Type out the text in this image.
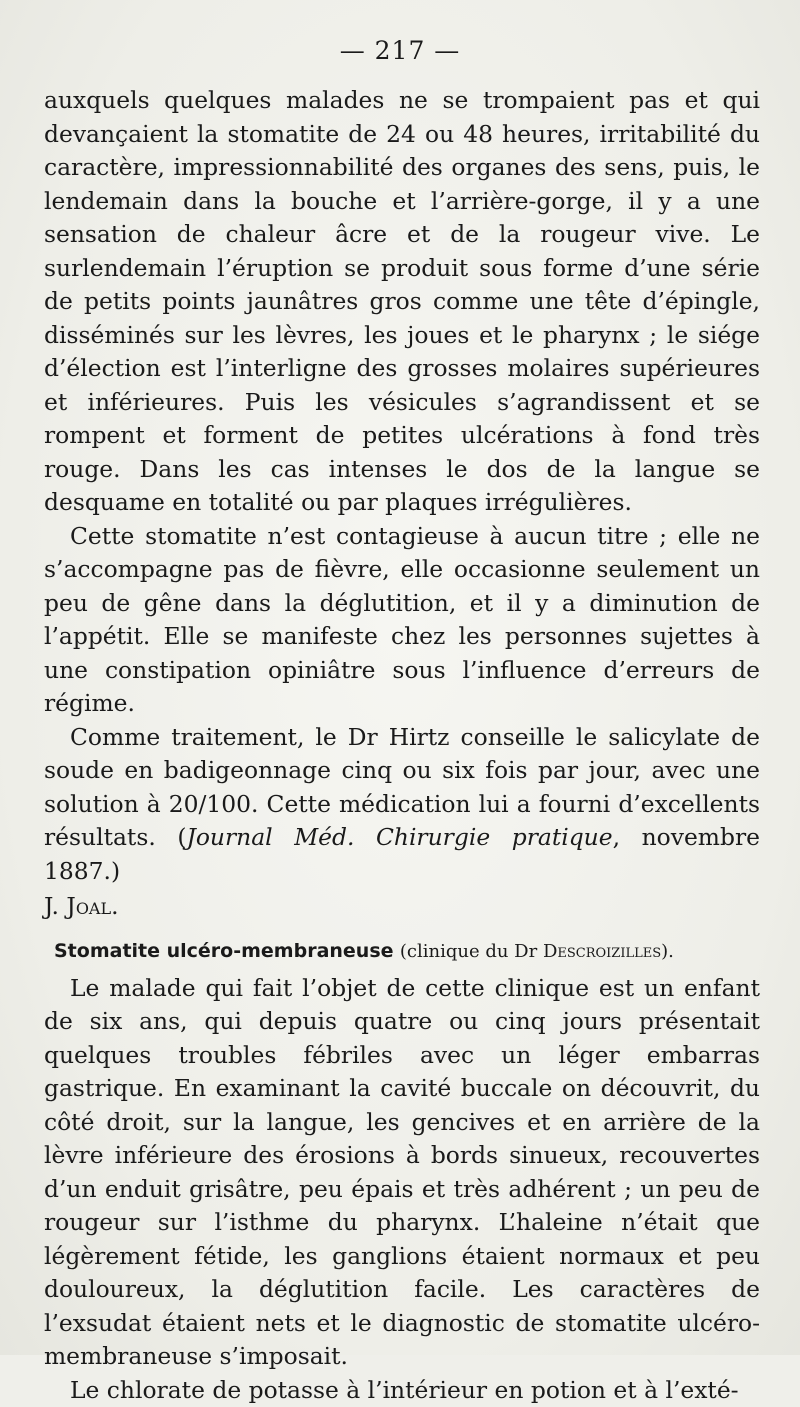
— 217 —

auxquels quelques malades ne se trompaient pas et qui devançaient la stomatite de 24 ou 48 heures, irritabilité du caractère, impressionnabilité des organes des sens, puis, le lendemain dans la bouche et l’arrière-gorge, il y a une sensation de chaleur âcre et de la rougeur vive. Le surlendemain l’éruption se produit sous forme d’une série de petits points jaunâtres gros comme une tête d’épingle, disséminés sur les lèvres, les joues et le pharynx ; le siége d’élection est l’interligne des grosses molaires supérieures et inférieures. Puis les vésicules s’agrandissent et se rompent et forment de petites ulcérations à fond très rouge. Dans les cas intenses le dos de la langue se desquame en totalité ou par plaques irrégulières.

Cette stomatite n’est contagieuse à aucun titre ; elle ne s’accompagne pas de fièvre, elle occasionne seulement un peu de gêne dans la déglutition, et il y a diminution de l’appétit. Elle se manifeste chez les personnes sujettes à une constipation opiniâtre sous l’influence d’erreurs de régime.

Comme traitement, le Dr Hirtz conseille le salicylate de soude en badigeonnage cinq ou six fois par jour, avec une solution à 20/100. Cette médication lui a fourni d’excellents résultats. (Journal Méd. Chirurgie pratique, novembre 1887.)

J. Joal.

Stomatite ulcéro-membraneuse (clinique du Dr Descroizilles).

Le malade qui fait l’objet de cette clinique est un enfant de six ans, qui depuis quatre ou cinq jours présentait quelques troubles fébriles avec un léger embarras gastrique. En examinant la cavité buccale on découvrit, du côté droit, sur la langue, les gencives et en arrière de la lèvre inférieure des érosions à bords sinueux, recouvertes d’un enduit grisâtre, peu épais et très adhérent ; un peu de rougeur sur l’isthme du pharynx. L’haleine n’était que légèrement fétide, les ganglions étaient normaux et peu douloureux, la déglutition facile. Les caractères de l’exsudat étaient nets et le diagnostic de stomatite ulcéro-membraneuse s’imposait.

Le chlorate de potasse à l’intérieur en potion et à l’exté-
